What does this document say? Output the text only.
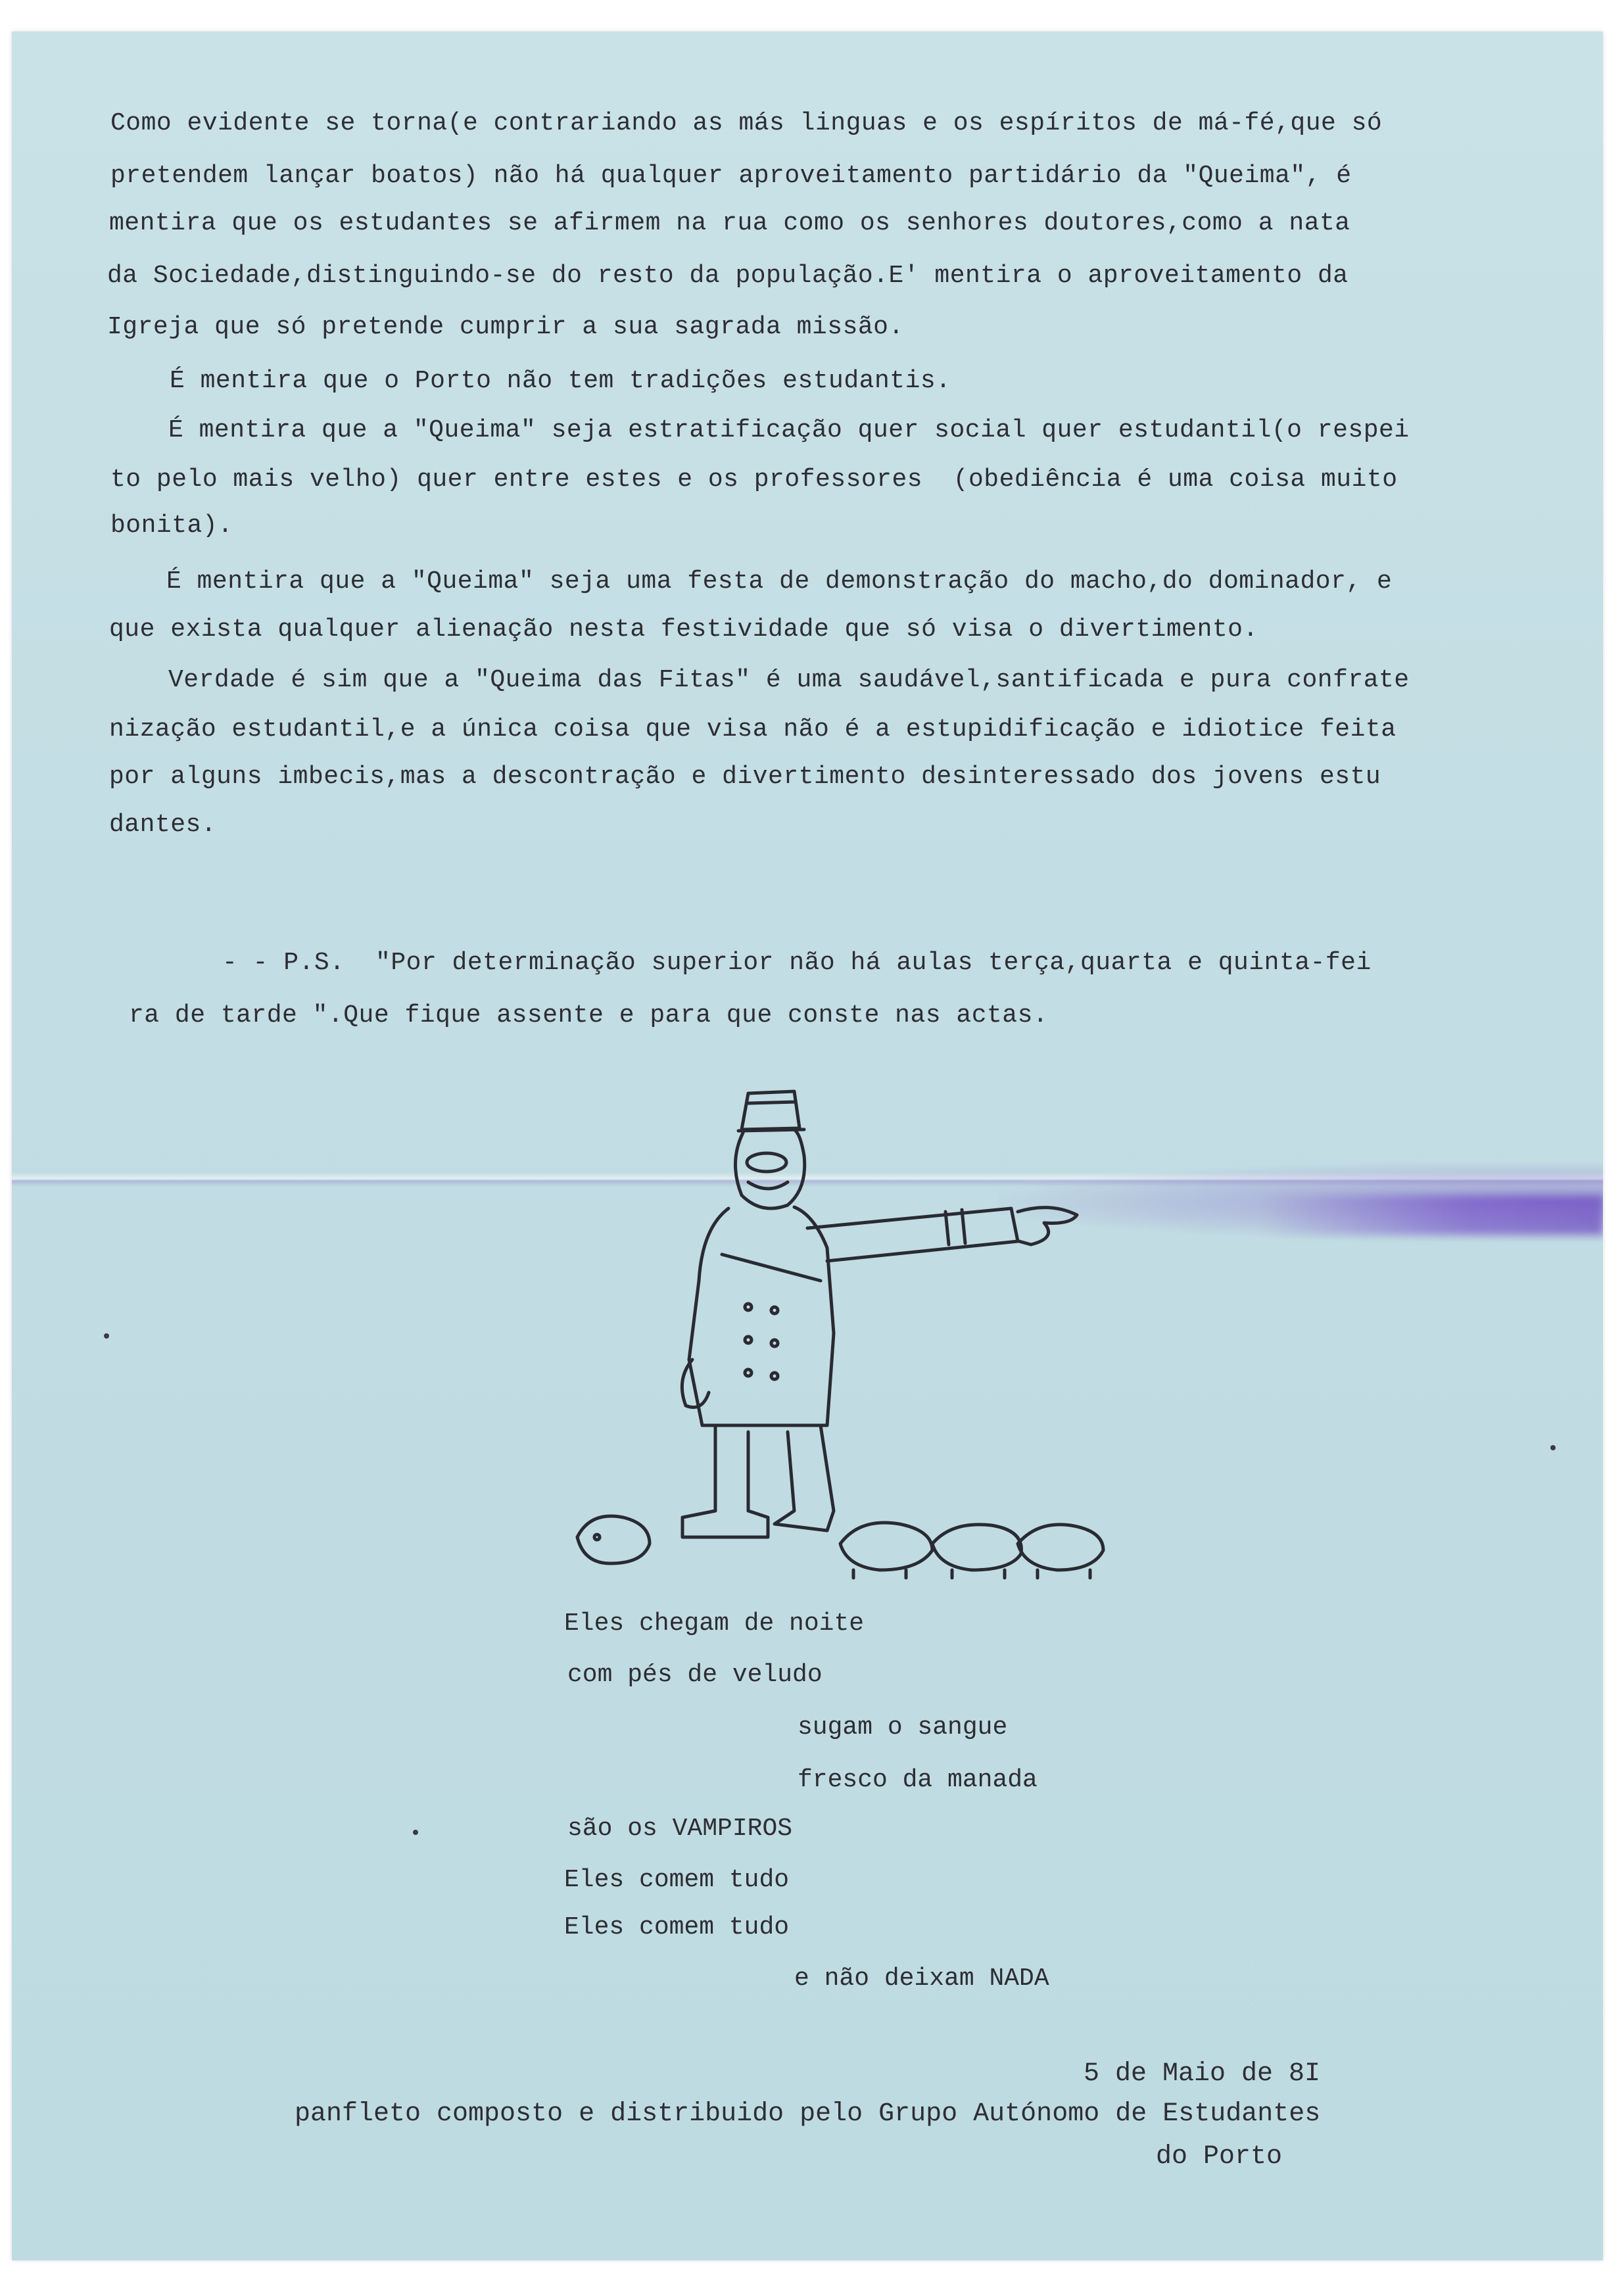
Como evidente se torna(e contrariando as más linguas e os espíritos de má-fé,que só
pretendem lançar boatos) não há qualquer aproveitamento partidário da "Queima", é
mentira que os estudantes se afirmem na rua como os senhores doutores,como a nata
da Sociedade,distinguindo-se do resto da população.E' mentira o aproveitamento da
Igreja que só pretende cumprir a sua sagrada missão.
É mentira que o Porto não tem tradições estudantis.
É mentira que a "Queima" seja estratificação quer social quer estudantil(o respei
to pelo mais velho) quer entre estes e os professores  (obediência é uma coisa muito
bonita).
É mentira que a "Queima" seja uma festa de demonstração do macho,do dominador, e
que exista qualquer alienação nesta festividade que só visa o divertimento.
Verdade é sim que a "Queima das Fitas" é uma saudável,santificada e pura confrate
nização estudantil,e a única coisa que visa não é a estupidificação e idiotice feita
por alguns imbecis,mas a descontração e divertimento desinteressado dos jovens estu
dantes.
- - P.S.  "Por determinação superior não há aulas terça,quarta e quinta-fei
ra de tarde ".Que fique assente e para que conste nas actas.
Eles chegam de noite
com pés de veludo
sugam o sangue
fresco da manada
são os VAMPIROS
Eles comem tudo
Eles comem tudo
e não deixam NADA
5 de Maio de 8I
panfleto composto e distribuido pelo Grupo Autónomo de Estudantes
do Porto
